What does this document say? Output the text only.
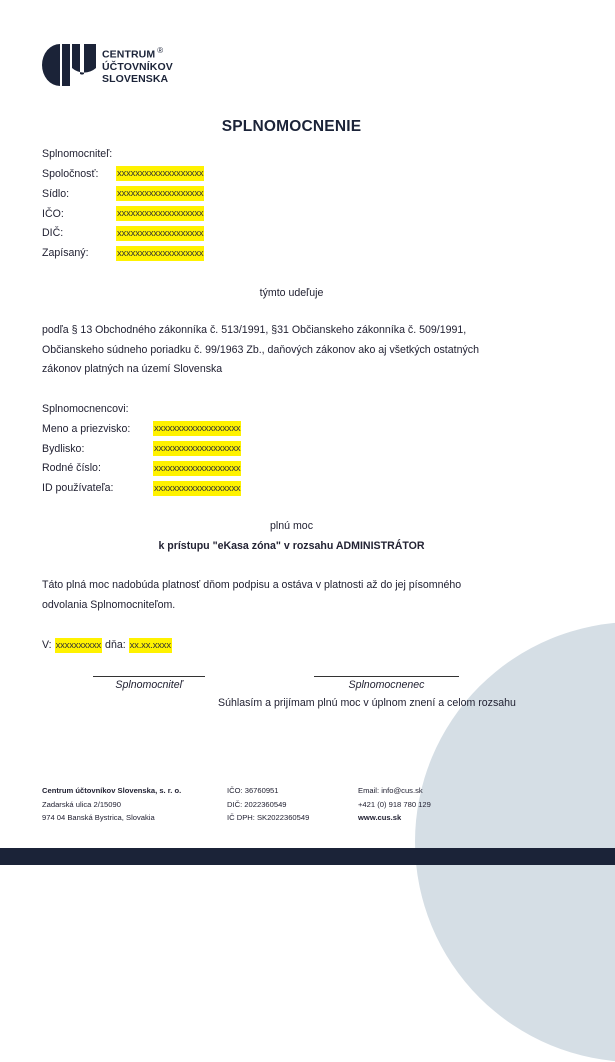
CENTRUM ®
ÚČTOVNÍKOV
SLOVENSKA
SPLNOMOCNENIE
Splnomocniteľ:
Spoločnosť: xxxxxxxxxxxxxxxxxxx
Sídlo:	xxxxxxxxxxxxxxxxxxx
IČO:	xxxxxxxxxxxxxxxxxxx
DIČ:	xxxxxxxxxxxxxxxxxxx
Zapísaný:	xxxxxxxxxxxxxxxxxxx
týmto udeľuje
podľa § 13 Obchodného zákonníka č. 513/1991, §31 Občianskeho zákonníka č. 509/1991,
Občianskeho súdneho poriadku č. 99/1963 Zb., daňových zákonov ako aj všetkých ostatných
zákonov platných na území Slovenska
Splnomocnencovi:
Meno a priezvisko: xxxxxxxxxxxxxxxxxxx
Bydlisko:	xxxxxxxxxxxxxxxxxxx
Rodné číslo:	xxxxxxxxxxxxxxxxxxx
ID používateľa:	xxxxxxxxxxxxxxxxxxx
plnú moc
k prístupu "eKasa zóna" v rozsahu ADMINISTRÁTOR
Táto plná moc nadobúda platnosť dňom podpisu a ostáva v platnosti až do jej písomného
odvolania Splnomocniteľom.
V: xxxxxxxxxx dňa: xx.xx.xxxx
Splnomocniteľ	Splnomocnenec
Súhlasím a prijímam plnú moc v úplnom znení a celom rozsahu
Centrum účtovníkov Slovenska, s. r. o.
Zadarská ulica 2/15090
974 04 Banská Bystrica, Slovakia
IČO: 36760951
DIČ: 2022360549
IČ DPH: SK2022360549
Email: info@cus.sk
+421 (0) 918 780 129
www.cus.sk
